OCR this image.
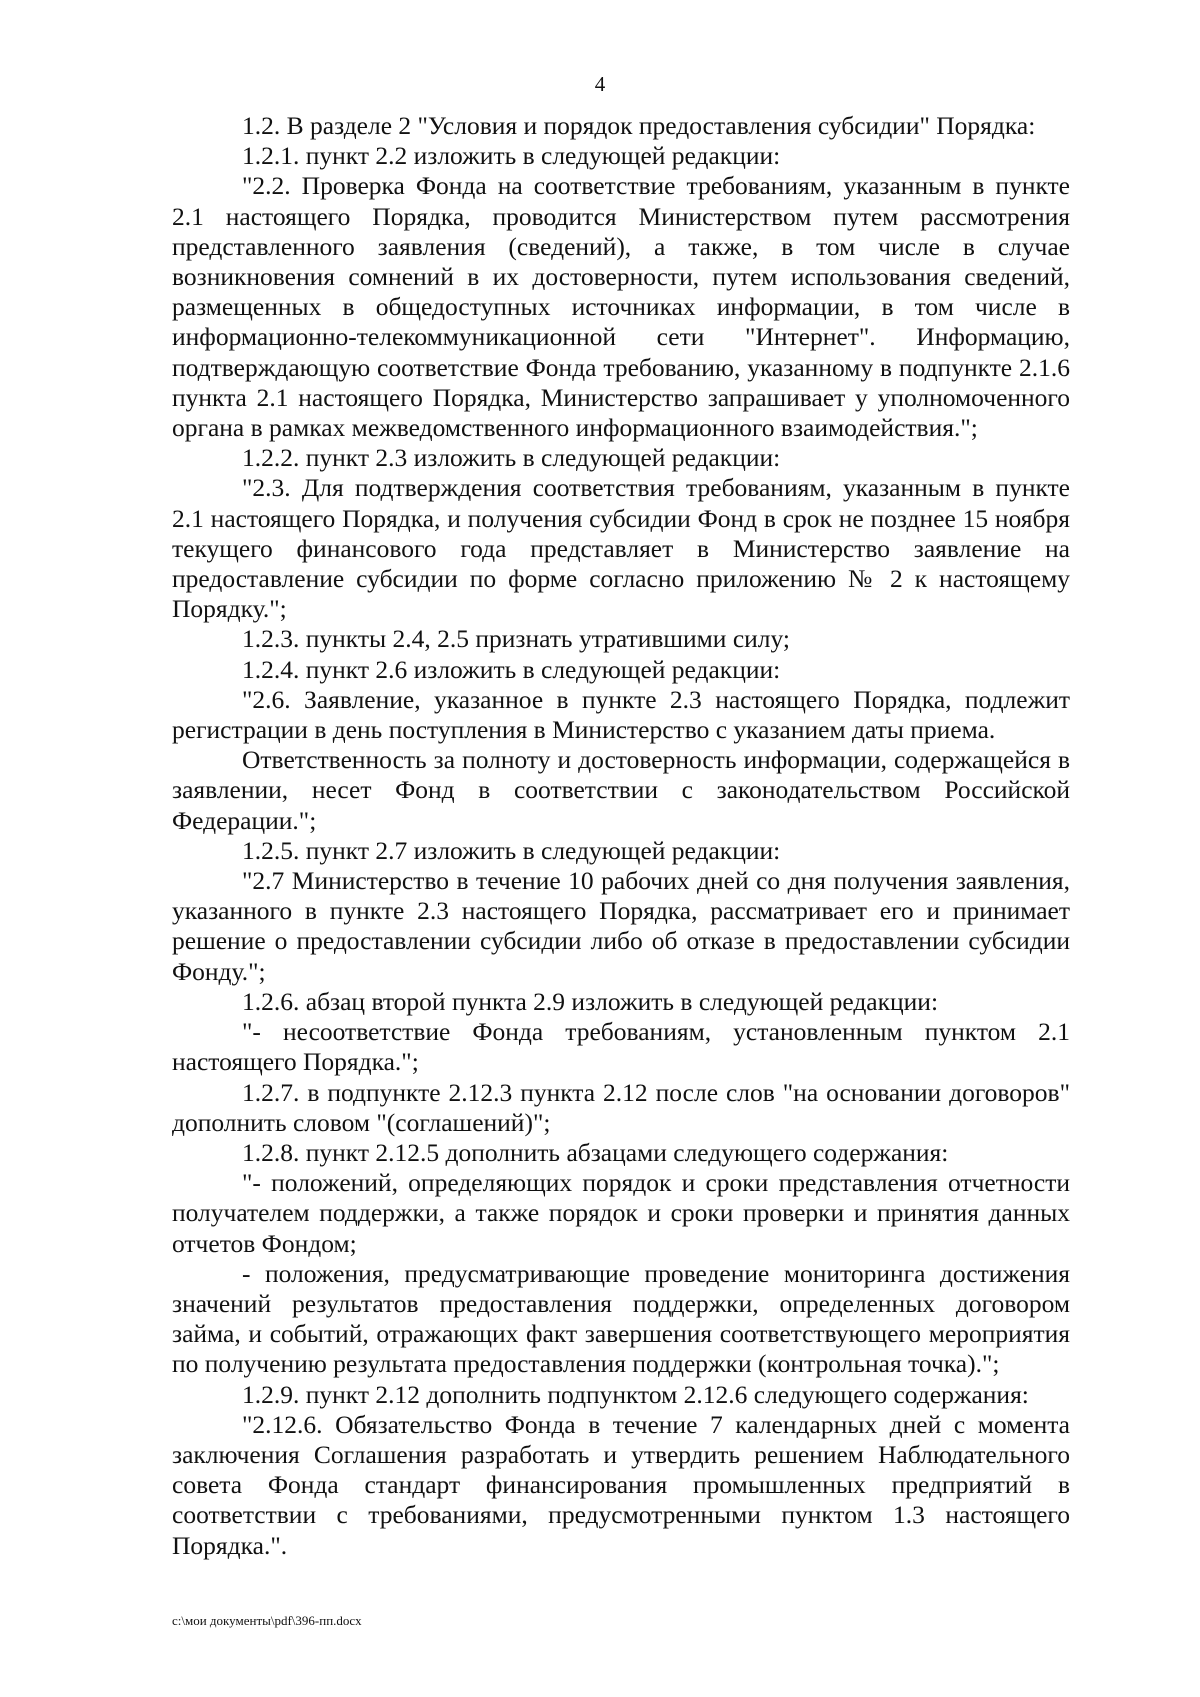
4

1.2. В разделе 2 "Условия и порядок предоставления субсидии" Порядка:

1.2.1. пункт 2.2 изложить в следующей редакции:

"2.2. Проверка Фонда на соответствие требованиям, указанным в пункте 2.1 настоящего Порядка, проводится Министерством путем рассмотрения представленного заявления (сведений), а также, в том числе в случае возникновения сомнений в их достоверности, путем использования сведений, размещенных в общедоступных источниках информации, в том числе в информационно-телекоммуникационной сети "Интернет". Информацию, подтверждающую соответствие Фонда требованию, указанному в подпункте 2.1.6 пункта 2.1 настоящего Порядка, Министерство запрашивает у уполномоченного органа в рамках межведомственного информационного взаимодействия.";

1.2.2. пункт 2.3 изложить в следующей редакции:

"2.3. Для подтверждения соответствия требованиям, указанным в пункте 2.1 настоящего Порядка, и получения субсидии Фонд в срок не позднее 15 ноября текущего финансового года представляет в Министерство заявление на предоставление субсидии по форме согласно приложению № 2 к настоящему Порядку.";

1.2.3. пункты 2.4, 2.5 признать утратившими силу;

1.2.4. пункт 2.6 изложить в следующей редакции:

"2.6. Заявление, указанное в пункте 2.3 настоящего Порядка, подлежит регистрации в день поступления в Министерство с указанием даты приема.

Ответственность за полноту и достоверность информации, содержащейся в заявлении, несет Фонд в соответствии с законодательством Российской Федерации.";

1.2.5. пункт 2.7 изложить в следующей редакции:

"2.7 Министерство в течение 10 рабочих дней со дня получения заявления, указанного в пункте 2.3 настоящего Порядка, рассматривает его и принимает решение о предоставлении субсидии либо об отказе в предоставлении субсидии Фонду.";

1.2.6. абзац второй пункта 2.9 изложить в следующей редакции:

"- несоответствие Фонда требованиям, установленным пунктом 2.1 настоящего Порядка.";

1.2.7. в подпункте 2.12.3 пункта 2.12 после слов "на основании договоров" дополнить словом "(соглашений)";

1.2.8. пункт 2.12.5 дополнить абзацами следующего содержания:

"- положений, определяющих порядок и сроки представления отчетности получателем поддержки, а также порядок и сроки проверки и принятия данных отчетов Фондом;

- положения, предусматривающие проведение мониторинга достижения значений результатов предоставления поддержки, определенных договором займа, и событий, отражающих факт завершения соответствующего мероприятия по получению результата предоставления поддержки (контрольная точка).";

1.2.9. пункт 2.12 дополнить подпунктом 2.12.6 следующего содержания:

"2.12.6. Обязательство Фонда в течение 7 календарных дней с момента заключения Соглашения разработать и утвердить решением Наблюдательного совета Фонда стандарт финансирования промышленных предприятий в соответствии с требованиями, предусмотренными пунктом 1.3 настоящего Порядка.".

c:\мои документы\pdf\396-пп.docx
